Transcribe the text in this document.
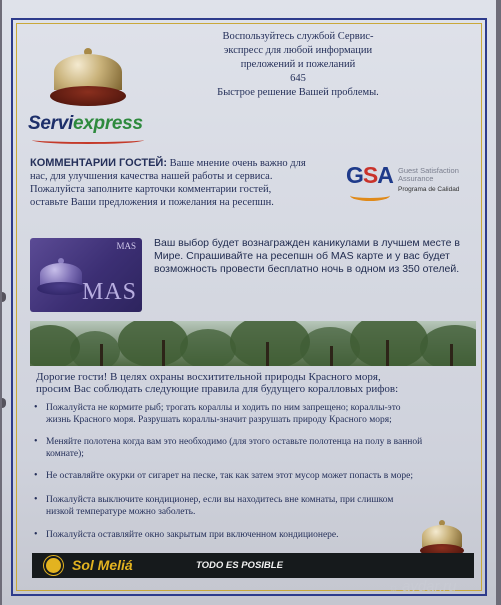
Serviexpress
Воспользуйтесь службой Сервис-
экспресс для любой информации
прeложений и пожеланий
645
Быстрое решение Вашей проблемы.
КОММЕНТАРИИ ГОСТЕЙ: Ваше мнение очень важно для
нас, для улучшения качества нашей работы и сервиса.
Пожалуйста заполните карточки комментарии гостей,
оставьте Ваши предложения и пожелания на ресепшн.
GSA Guest Satisfaction
Assurance
Programa de Calidad
MAS
MAS
Ваш выбор будет вознагражден каникулами в лучшем месте в
Мире. Спрашивайте на ресепшн об MAS карте и у вас будет
возможность провести бесплатно ночь в одном из 350 отелей.
Дорогие гости! В целях охраны восхитительной природы Красного моря,
просим Вас соблюдать следующие правила для будущего коралловых рифов:
• Пожалуйста не кормите рыб; трогать кораллы и ходить по ним запрещено; кораллы-это
жизнь Красного моря. Разрушать кораллы-значит разрушать природу Красного моря;
• Меняйте полотена когда вам это необходимо (для этого оставьте полотенца на полу в ванной
комнате);
• Не оставляйте окурки от сигарет на песке, так как затем этот мусор может попасть в море;
• Пожалуйста выключите кондиционер, если вы находитесь вне комнаты, при слишком
низкой температуре можно заболеть.
• Пожалуйста оставляйте окно закрытым при включенном кондиционере.
Sol Meliá	TODO ES POSIBLE
☼ aydar.ru
